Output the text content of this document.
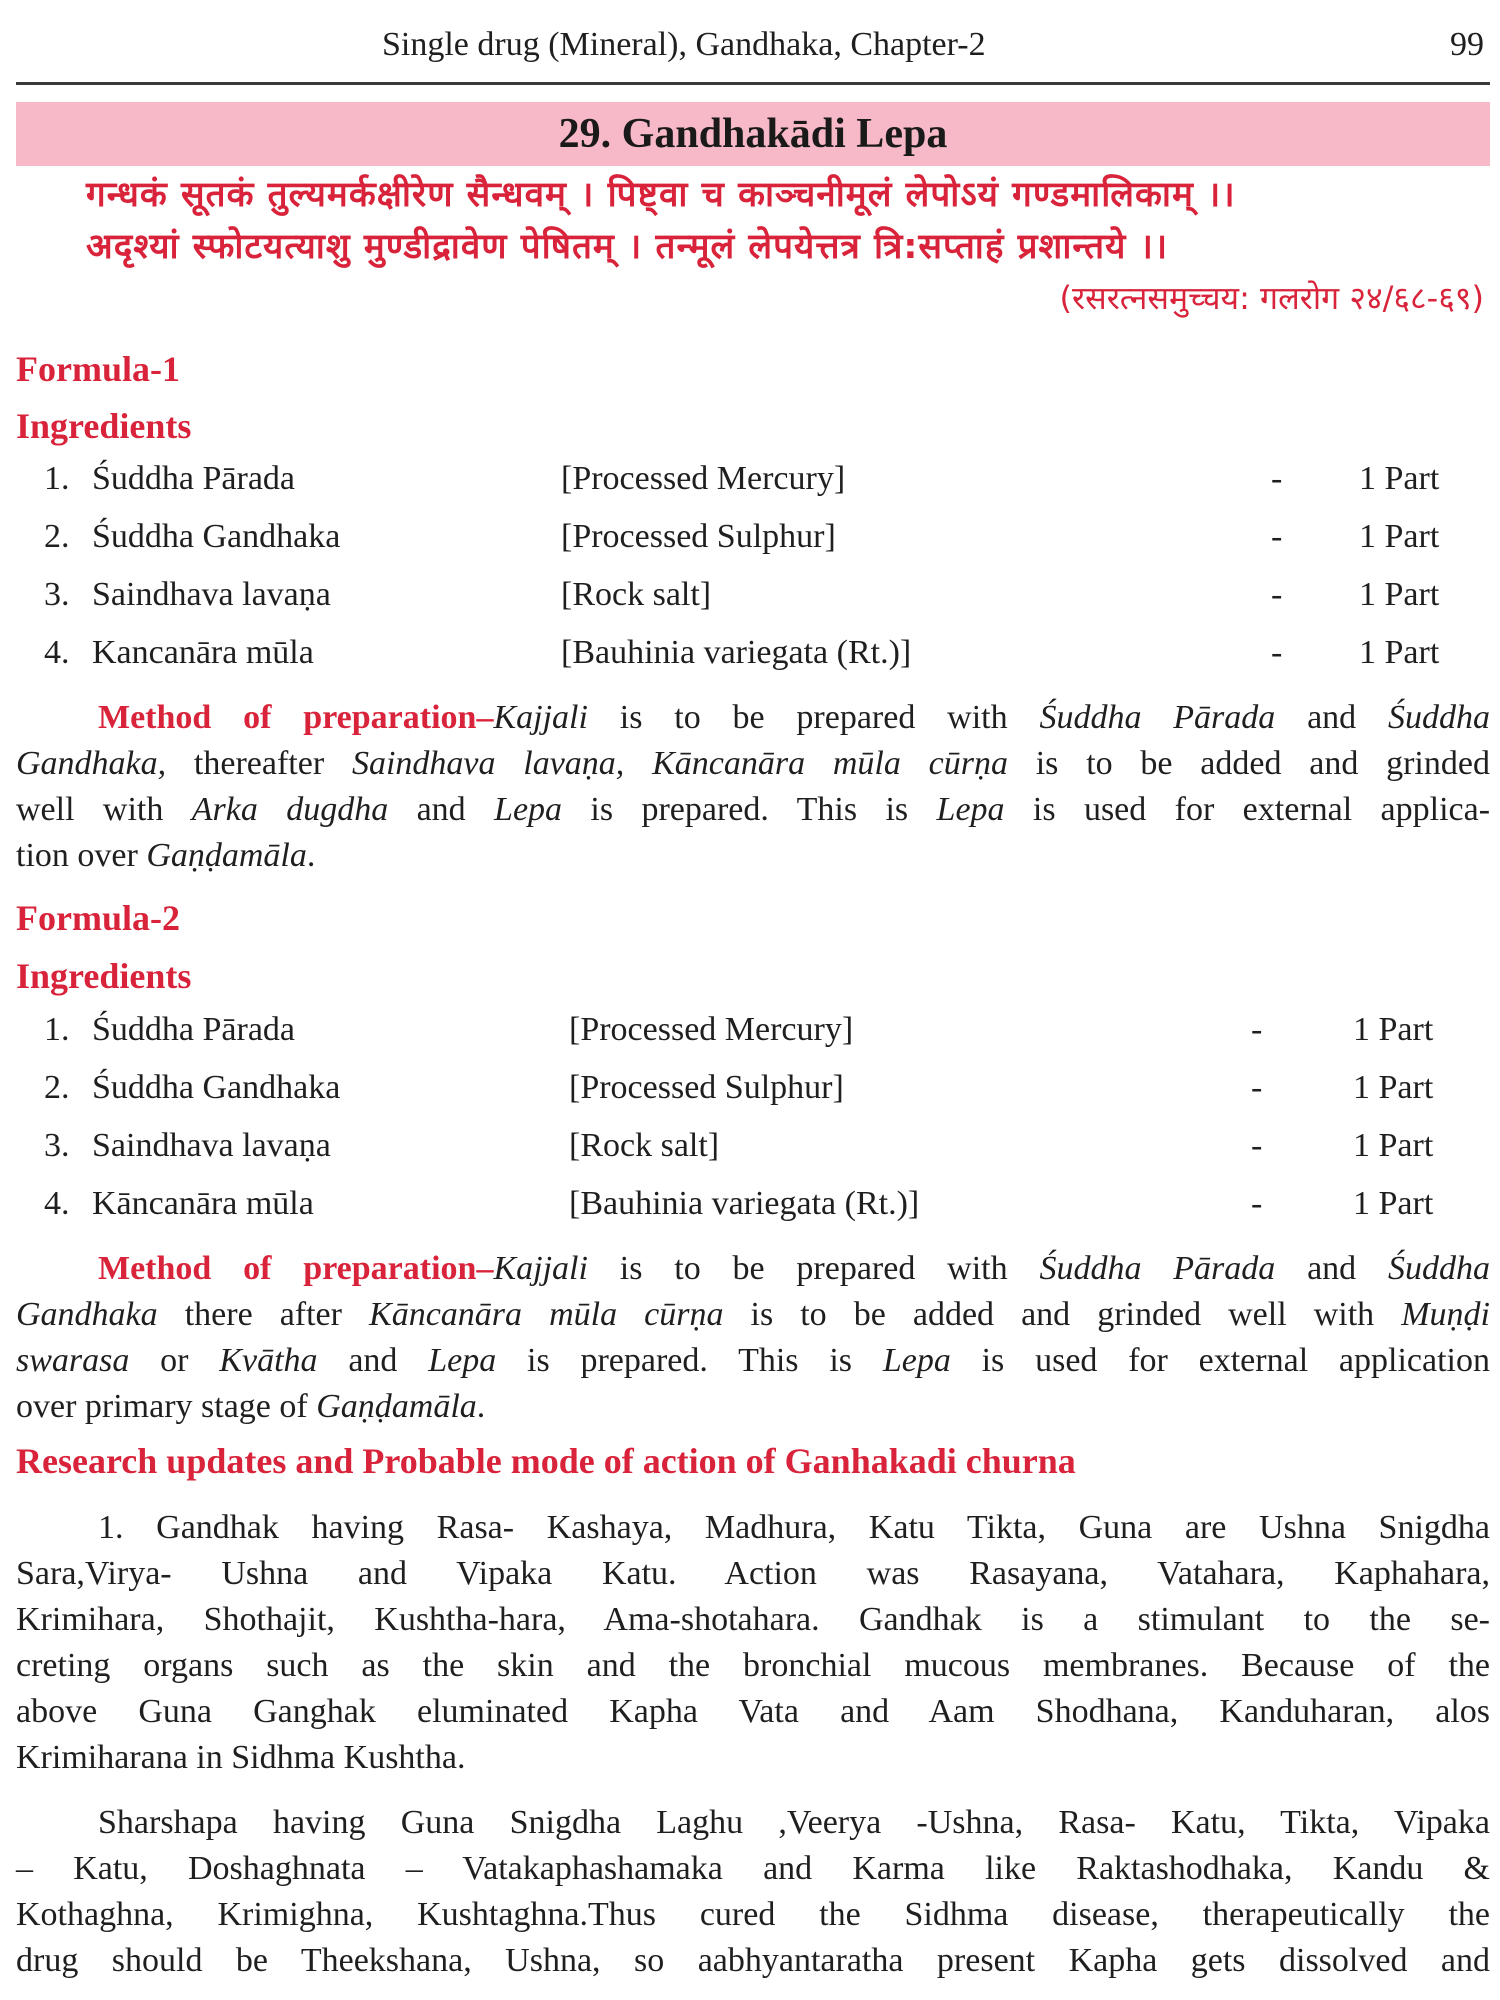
Single drug (Mineral), Gandhaka, Chapter-2	99
29. Gandhakādi Lepa
गन्धकं सूतकं तुल्यमर्कक्षीरेण सैन्धवम् । पिष्ट्वा च काञ्चनीमूलं लेपोऽयं गण्डमालिकाम् ।।
अदृश्यां स्फोटयत्याशु मुण्डीद्रावेण पेषितम् । तन्मूलं लेपयेत्तत्र त्रि:सप्ताहं प्रशान्तये ।।
(रसरत्नसमुच्चय: गलरोग २४/६८-६९)
Formula-1
Ingredients
1. Śuddha Pārada	[Processed Mercury]	- 1 Part
2. Śuddha Gandhaka	[Processed Sulphur]	- 1 Part
3. Saindhava lavaṇa	[Rock salt]	- 1 Part
4. Kancanāra mūla	[Bauhinia variegata (Rt.)]	- 1 Part
Method of preparation–Kajjali is to be prepared with Śuddha Pārada and Śuddha
Gandhaka, thereafter Saindhava lavaṇa, Kāncanāra mūla cūrṇa is to be added and grinded
well with Arka dugdha and Lepa is prepared. This is Lepa is used for external applica-
tion over Gaṇḍamāla.
Formula-2
Ingredients
1. Śuddha Pārada	[Processed Mercury]	-	1 Part
2. Śuddha Gandhaka	[Processed Sulphur]	-	1 Part
3. Saindhava lavaṇa	[Rock salt]	-	1 Part
4. Kāncanāra mūla	[Bauhinia variegata (Rt.)]	-	1 Part
Method of preparation–Kajjali is to be prepared with Śuddha Pārada and Śuddha
Gandhaka there after Kāncanāra mūla cūrṇa is to be added and grinded well with Muṇḍi
swarasa or Kvātha and Lepa is prepared. This is Lepa is used for external application
over primary stage of Gaṇḍamāla.
Research updates and Probable mode of action of Ganhakadi churna
1. Gandhak having Rasa- Kashaya, Madhura, Katu Tikta, Guna are Ushna Snigdha
Sara,Virya- Ushna and Vipaka Katu. Action was Rasayana, Vatahara, Kaphahara,
Krimihara, Shothajit, Kushtha-hara, Ama-shotahara. Gandhak is a stimulant to the se-
creting organs such as the skin and the bronchial mucous membranes. Because of the
above Guna Ganghak eluminated Kapha Vata and Aam Shodhana, Kanduharan, alos
Krimiharana in Sidhma Kushtha.
Sharshapa having Guna Snigdha Laghu ,Veerya -Ushna, Rasa- Katu, Tikta, Vipaka
– Katu, Doshaghnata – Vatakaphashamaka and Karma like Raktashodhaka, Kandu &
Kothaghna, Krimighna, Kushtaghna.Thus cured the Sidhma disease, therapeutically the
drug should be Theekshana, Ushna, so aabhyantaratha present Kapha gets dissolved and
